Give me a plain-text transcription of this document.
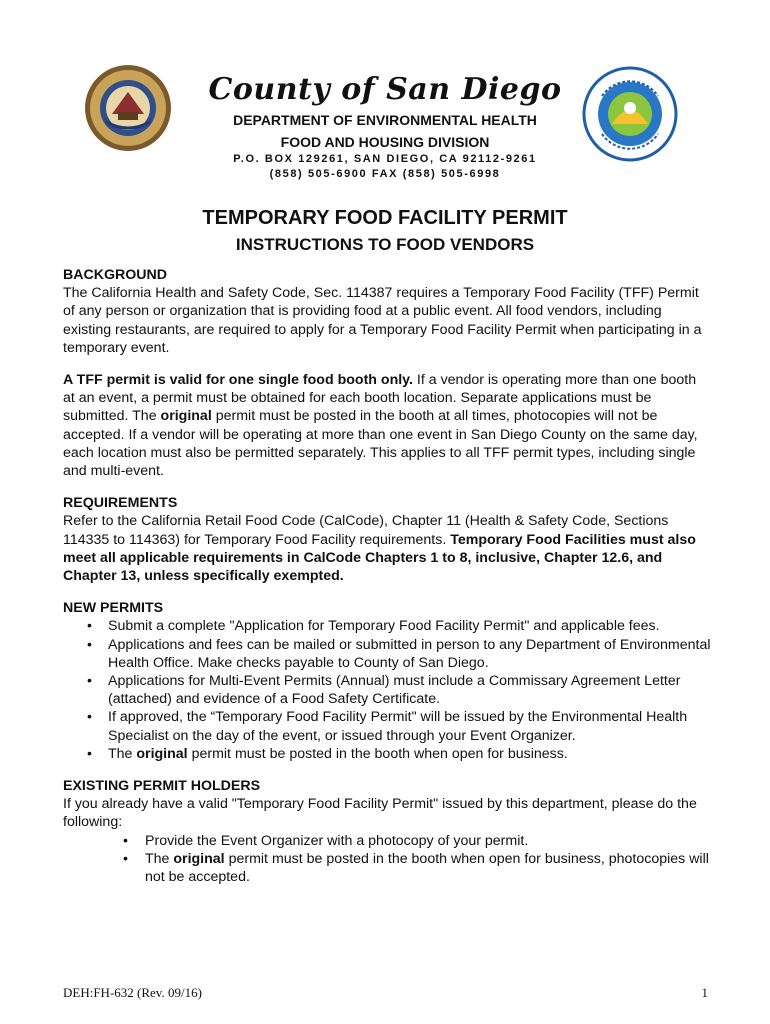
County of San Diego
DEPARTMENT OF ENVIRONMENTAL HEALTH
FOOD AND HOUSING DIVISION
P.O. BOX 129261, SAN DIEGO, CA 92112-9261
(858) 505-6900 FAX (858) 505-6998
TEMPORARY FOOD FACILITY PERMIT
INSTRUCTIONS TO FOOD VENDORS
BACKGROUND

The California Health and Safety Code, Sec. 114387 requires a Temporary Food Facility (TFF) Permit of any person or organization that is providing food at a public event. All food vendors, including existing restaurants, are required to apply for a Temporary Food Facility Permit when participating in a temporary event.

A TFF permit is valid for one single food booth only. If a vendor is operating more than one booth at an event, a permit must be obtained for each booth location. Separate applications must be submitted. The original permit must be posted in the booth at all times, photocopies will not be accepted. If a vendor will be operating at more than one event in San Diego County on the same day, each location must also be permitted separately. This applies to all TFF permit types, including single and multi-event.

REQUIREMENTS

Refer to the California Retail Food Code (CalCode), Chapter 11 (Health & Safety Code, Sections 114335 to 114363) for Temporary Food Facility requirements. Temporary Food Facilities must also meet all applicable requirements in CalCode Chapters 1 to 8, inclusive, Chapter 12.6, and Chapter 13, unless specifically exempted.

NEW PERMITS
• Submit a complete "Application for Temporary Food Facility Permit" and applicable fees.
• Applications and fees can be mailed or submitted in person to any Department of Environmental Health Office. Make checks payable to County of San Diego.
• Applications for Multi-Event Permits (Annual) must include a Commissary Agreement Letter (attached) and evidence of a Food Safety Certificate.
• If approved, the “Temporary Food Facility Permit" will be issued by the Environmental Health Specialist on the day of the event, or issued through your Event Organizer.
• The original permit must be posted in the booth when open for business.
EXISTING PERMIT HOLDERS

If you already have a valid "Temporary Food Facility Permit" issued by this department, please do the following:

• Provide the Event Organizer with a photocopy of your permit.
• The original permit must be posted in the booth when open for business, photocopies will not be accepted.
DEH:FH-632 (Rev. 09/16)	1
